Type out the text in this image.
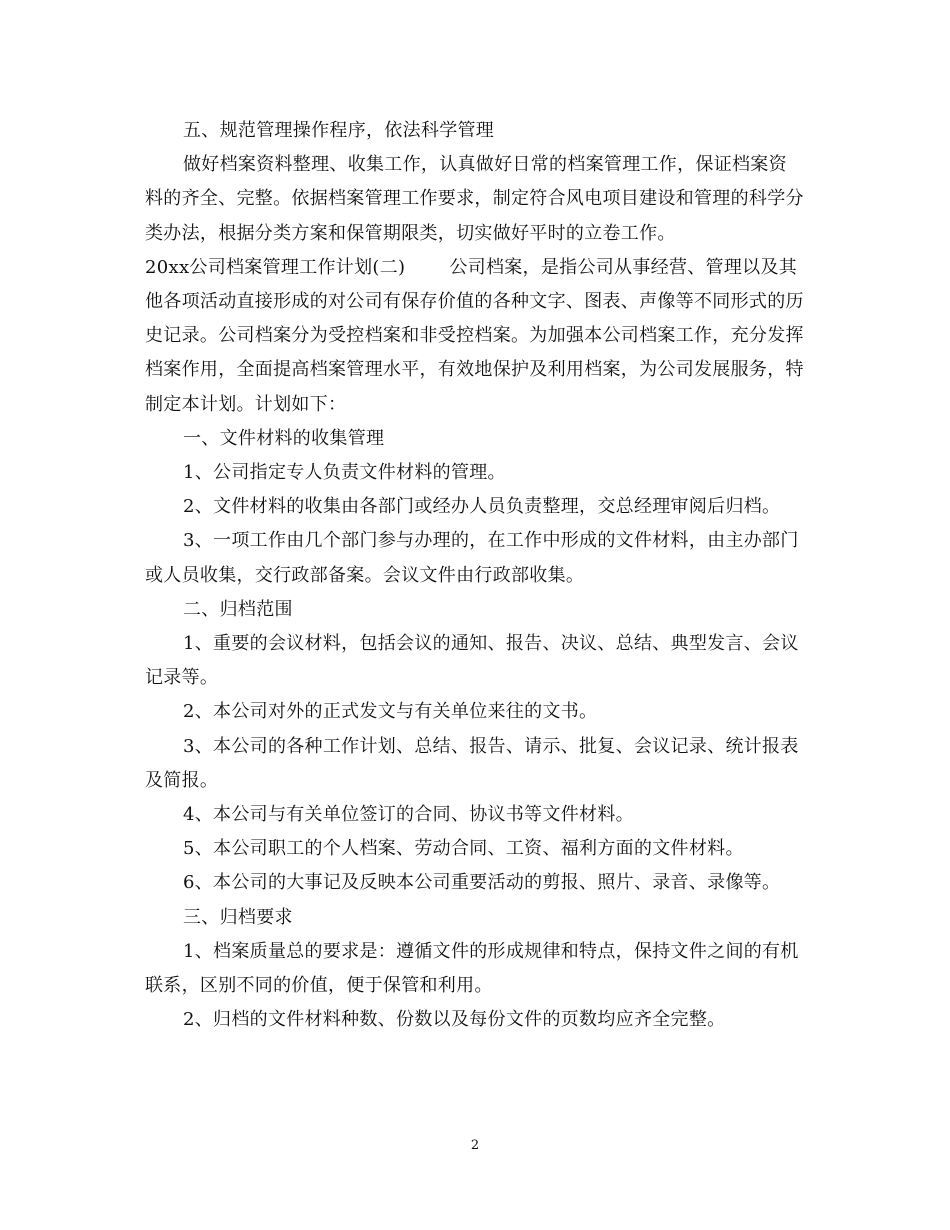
五、规范管理操作程序，依法科学管理

做好档案资料整理、收集工作，认真做好日常的档案管理工作，保证档案资料的齐全、完整。依据档案管理工作要求，制定符合风电项目建设和管理的科学分类办法，根据分类方案和保管期限类，切实做好平时的立卷工作。

20xx公司档案管理工作计划(二) 公司档案，是指公司从事经营、管理以及其他各项活动直接形成的对公司有保存价值的各种文字、图表、声像等不同形式的历史记录。公司档案分为受控档案和非受控档案。为加强本公司档案工作，充分发挥档案作用，全面提高档案管理水平，有效地保护及利用档案，为公司发展服务，特制定本计划。计划如下：

一、文件材料的收集管理

1、公司指定专人负责文件材料的管理。

2、文件材料的收集由各部门或经办人员负责整理，交总经理审阅后归档。

3、一项工作由几个部门参与办理的，在工作中形成的文件材料，由主办部门或人员收集，交行政部备案。会议文件由行政部收集。

二、归档范围

1、重要的会议材料，包括会议的通知、报告、决议、总结、典型发言、会议记录等。

2、本公司对外的正式发文与有关单位来往的文书。

3、本公司的各种工作计划、总结、报告、请示、批复、会议记录、统计报表及简报。

4、本公司与有关单位签订的合同、协议书等文件材料。

5、本公司职工的个人档案、劳动合同、工资、福利方面的文件材料。

6、本公司的大事记及反映本公司重要活动的剪报、照片、录音、录像等。

三、归档要求

1、档案质量总的要求是：遵循文件的形成规律和特点，保持文件之间的有机联系，区别不同的价值，便于保管和利用。

2、归档的文件材料种数、份数以及每份文件的页数均应齐全完整。

2
